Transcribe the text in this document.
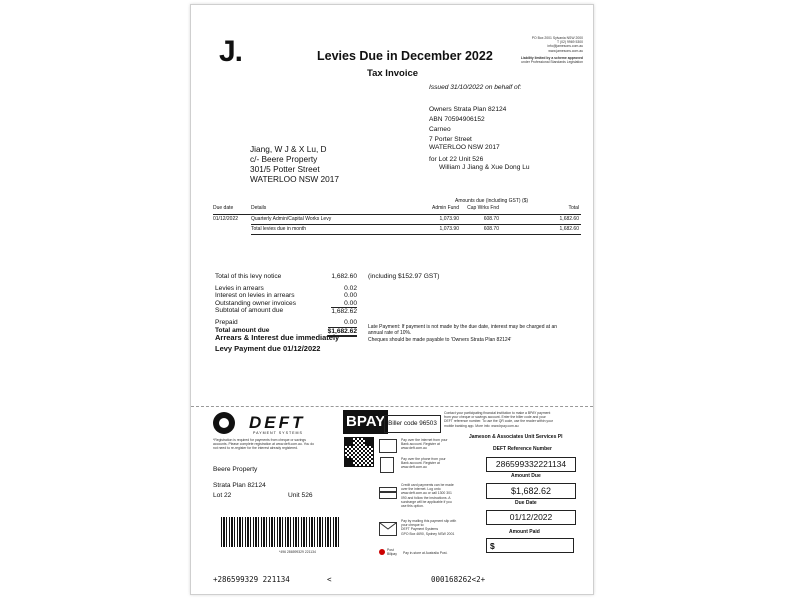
J.	Levies Due in December 2022
Tax Invoice
PO Box 2001 Sylvania NSW 2000
T (02) 9969 5300
info@jamesons.com.au
www.jamesons.com.au
Liability limited by a scheme approved
under Professional Standards Legislation
Issued 31/10/2022 on behalf of:
Owners Strata Plan 82124
ABN 70594906152
Carneo
7 Porter Street
WATERLOO NSW 2017
for Lot 22 Unit 526
William J Jiang & Xue Dong Lu
Jiang, W J & X Lu, D
c/- Beere Property
301/5 Potter Street
WATERLOO NSW 2017
Amounts due (including GST) ($)
Due date	Details	Admin Fund	Cap Wrks Fnd	Total
01/12/2022	Quarterly Admin/Capital Works Levy	1,073.90	608.70	1,682.60
	Total levies due in month	1,073.90	608.70	1,682.60
Total of this levy notice	1,682.60
Levies in arrears	0.02
Interest on levies in arrears	0.00
Outstanding owner invoices	0.00
Subtotal of amount due	1,682.62
Prepaid	0.00
Total amount due	$1,682.62
(including $152.97 GST)
Arrears & Interest due immediately
Levy Payment due 01/12/2022
Late Payment: If payment is not made by the due date, interest may be charged at an
annual rate of 10%.
Cheques should be made payable to 'Owners Strata Plan 82124'
DEFT
PAYMENT SYSTEMS
*Registration is required for payments from cheque or savings
accounts. Please complete registration at www.deft.com.au. You do
not need to re-register for the interest already registered.
BPAY Biller code 96503
Contact your participating financial institution to make a BPAY payment
from your cheque or savings account. Enter the biller code and your
DEFT reference number. To use the QR code, use the reader within your
mobile banking app. More info: www.bpay.com.au
Pay over the internet from your
Bank account. Register at
www.deft.com.au
Pay over the phone from your
Bank account. Register at
www.deft.com.au
Credit card payments can be made
over the internet. Log onto
www.deft.com.au or call 1300 301
090 and follow the instructions. A
surcharge will be applicable if you
use this option.
Pay by mailing this payment slip with
your cheque to:
DEFT Payment Systems
GPO Box 4690, Sydney NSW 2001
Post
Billpay Pay in-store at Australia Post.
Jameson & Associates Unit Services Pl
DEFT Reference Number
286599332221134
Amount Due
$1,682.62
Due Date
01/12/2022
Amount Paid
$
Beere Property
Strata Plan 82124
Lot 22	Unit 526
*496 286599329 221134
+286599329 221134	<	000168262<2+
